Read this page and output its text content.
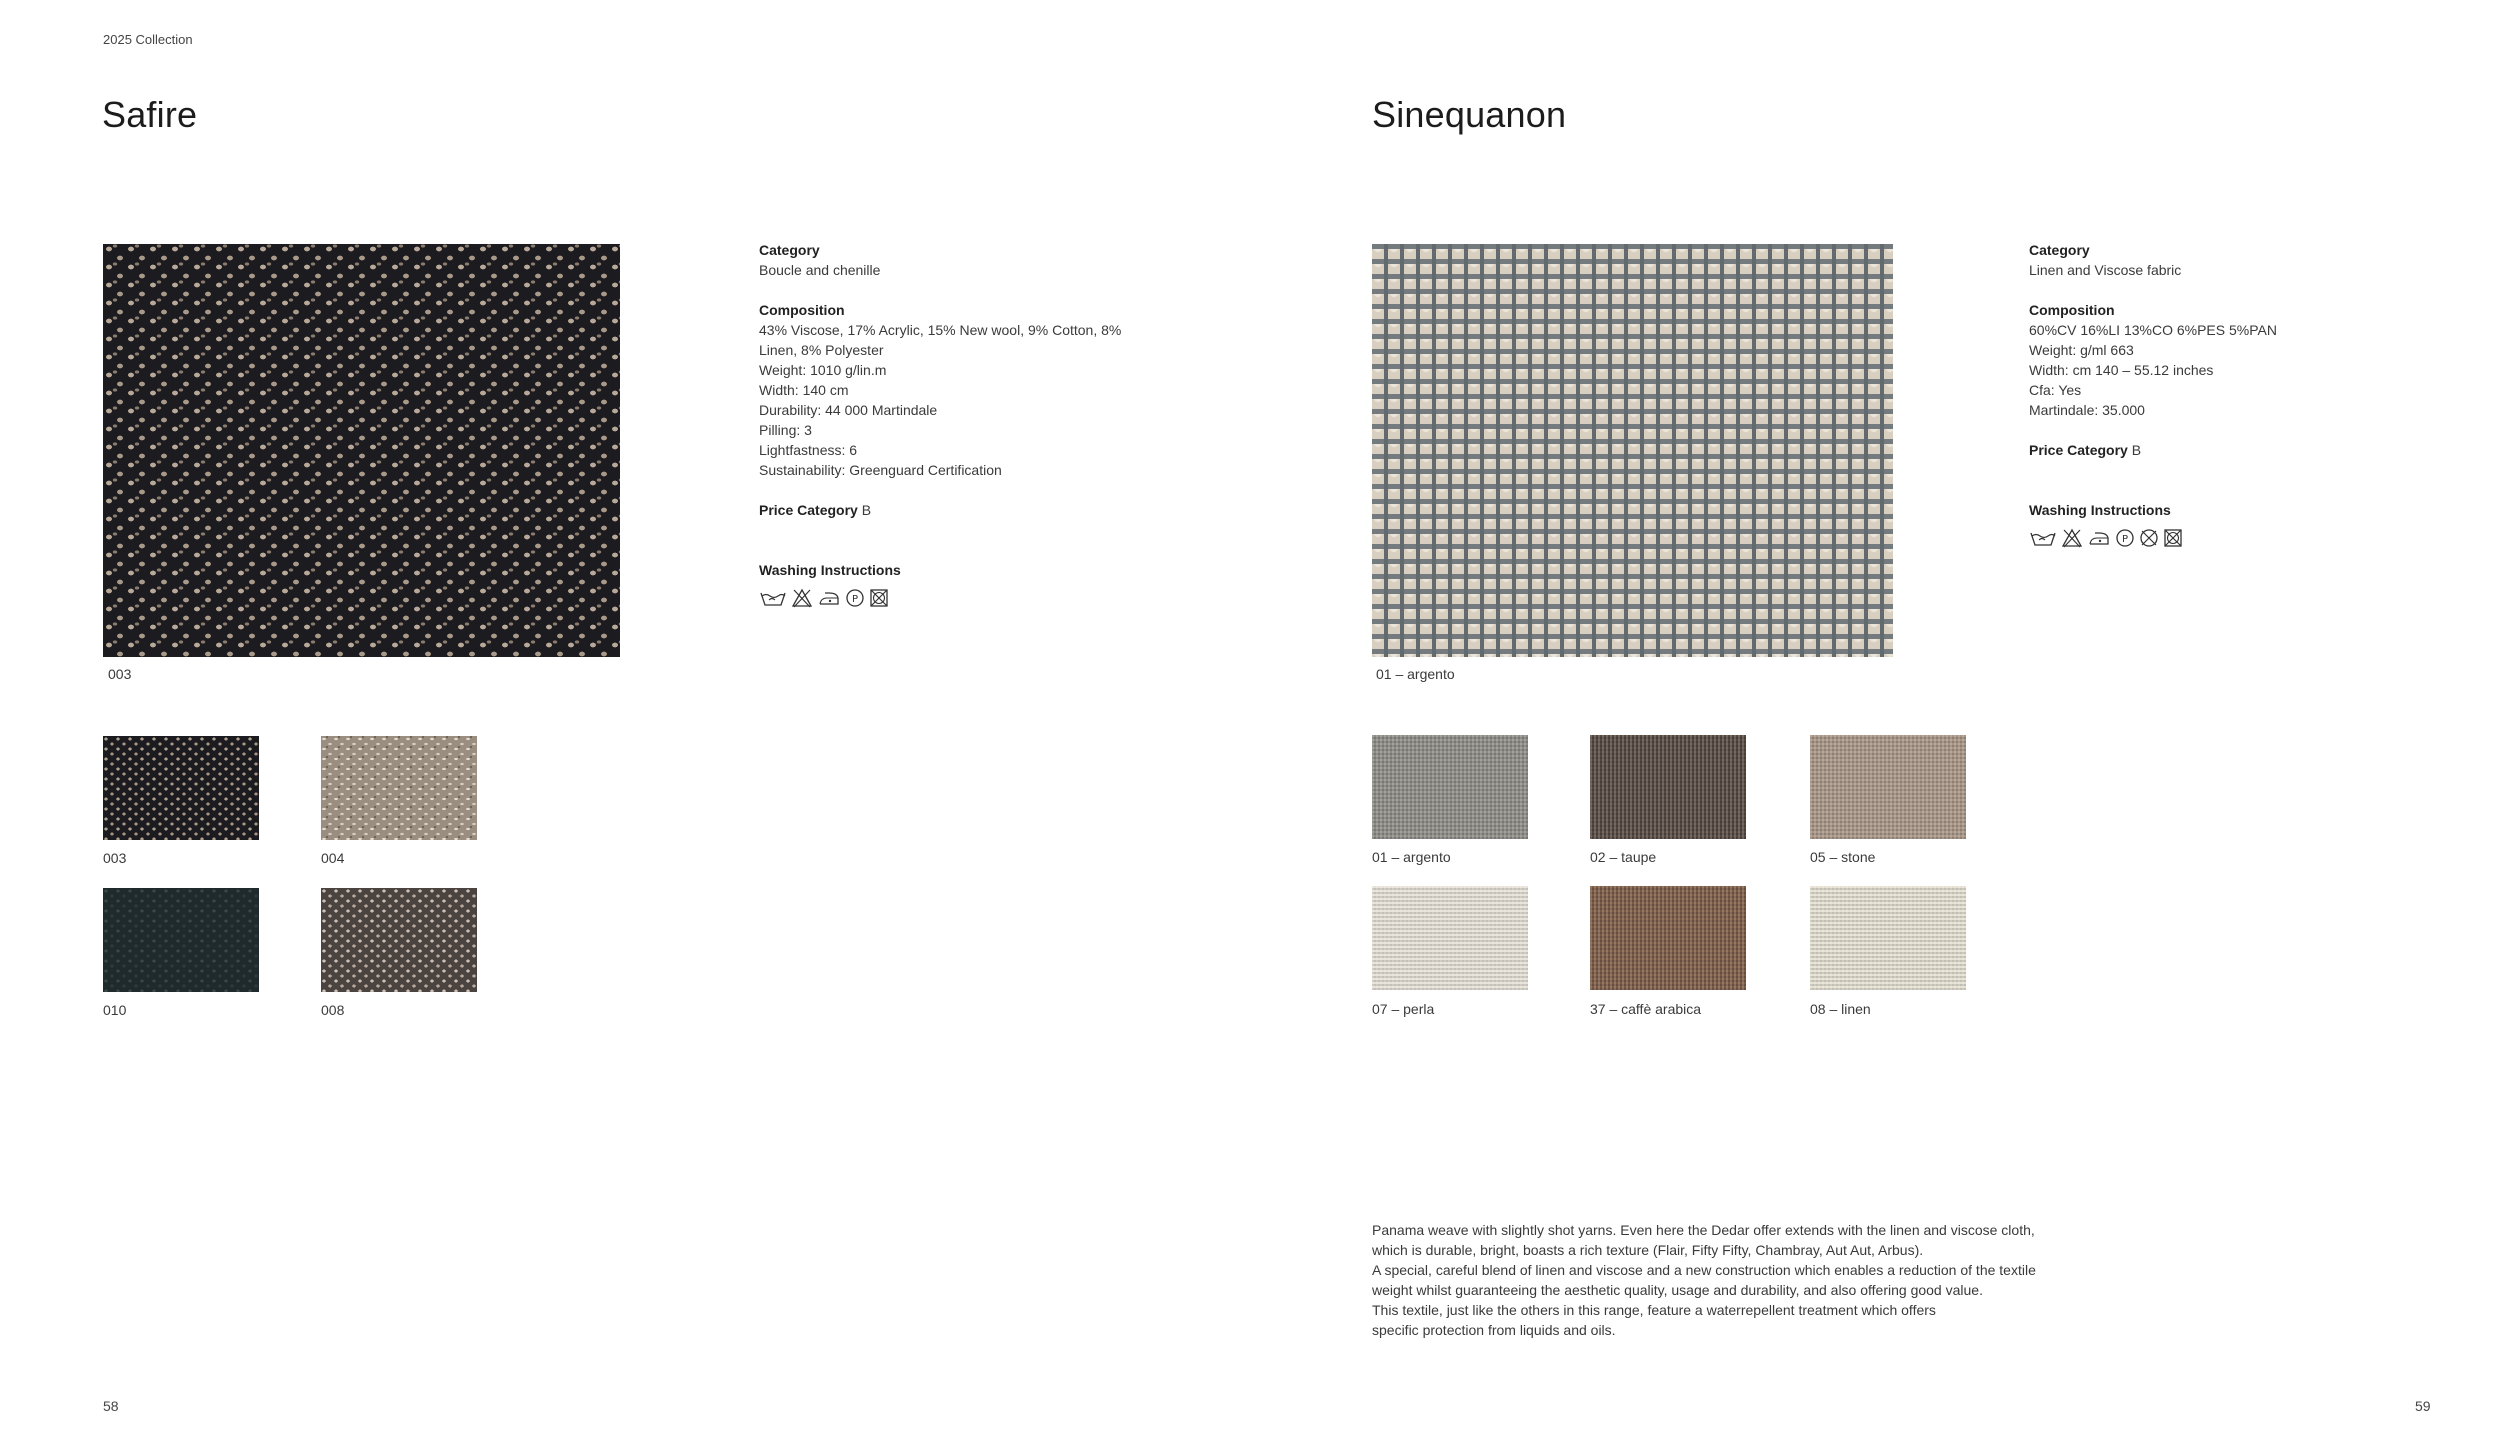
2025 Collection
Safire
003
Category

Boucle and chenille

Composition

43% Viscose, 17% Acrylic, 15% New wool, 9% Cotton, 8%

Linen, 8% Polyester

Weight: 1010 g/lin.m

Width: 140 cm

Durability: 44 000 Martindale

Pilling: 3

Lightfastness: 6

Sustainability: Greenguard Certification

Price Category B
Washing Instructions
P
003	004
010	008
58
Sinequanon
01 – argento
Category

Linen and Viscose fabric

Composition

60%CV 16%LI 13%CO 6%PES 5%PAN

Weight: g/ml 663

Width: cm 140 – 55.12 inches

Cfa: Yes

Martindale: 35.000

Price Category B
Washing Instructions
P
01 – argento	02 – taupe	05 – stone
07 – perla	37 – caffè arabica	08 – linen

Panama weave with slightly shot yarns. Even here the Dedar offer extends with the linen and viscose cloth,

which is durable, bright, boasts a rich texture (Flair, Fifty Fifty, Chambray, Aut Aut, Arbus).

A special, careful blend of linen and viscose and a new construction which enables a reduction of the textile

weight whilst guaranteeing the aesthetic quality, usage and durability, and also offering good value.

This textile, just like the others in this range, feature a waterrepellent treatment which offers

specific protection from liquids and oils.

59
